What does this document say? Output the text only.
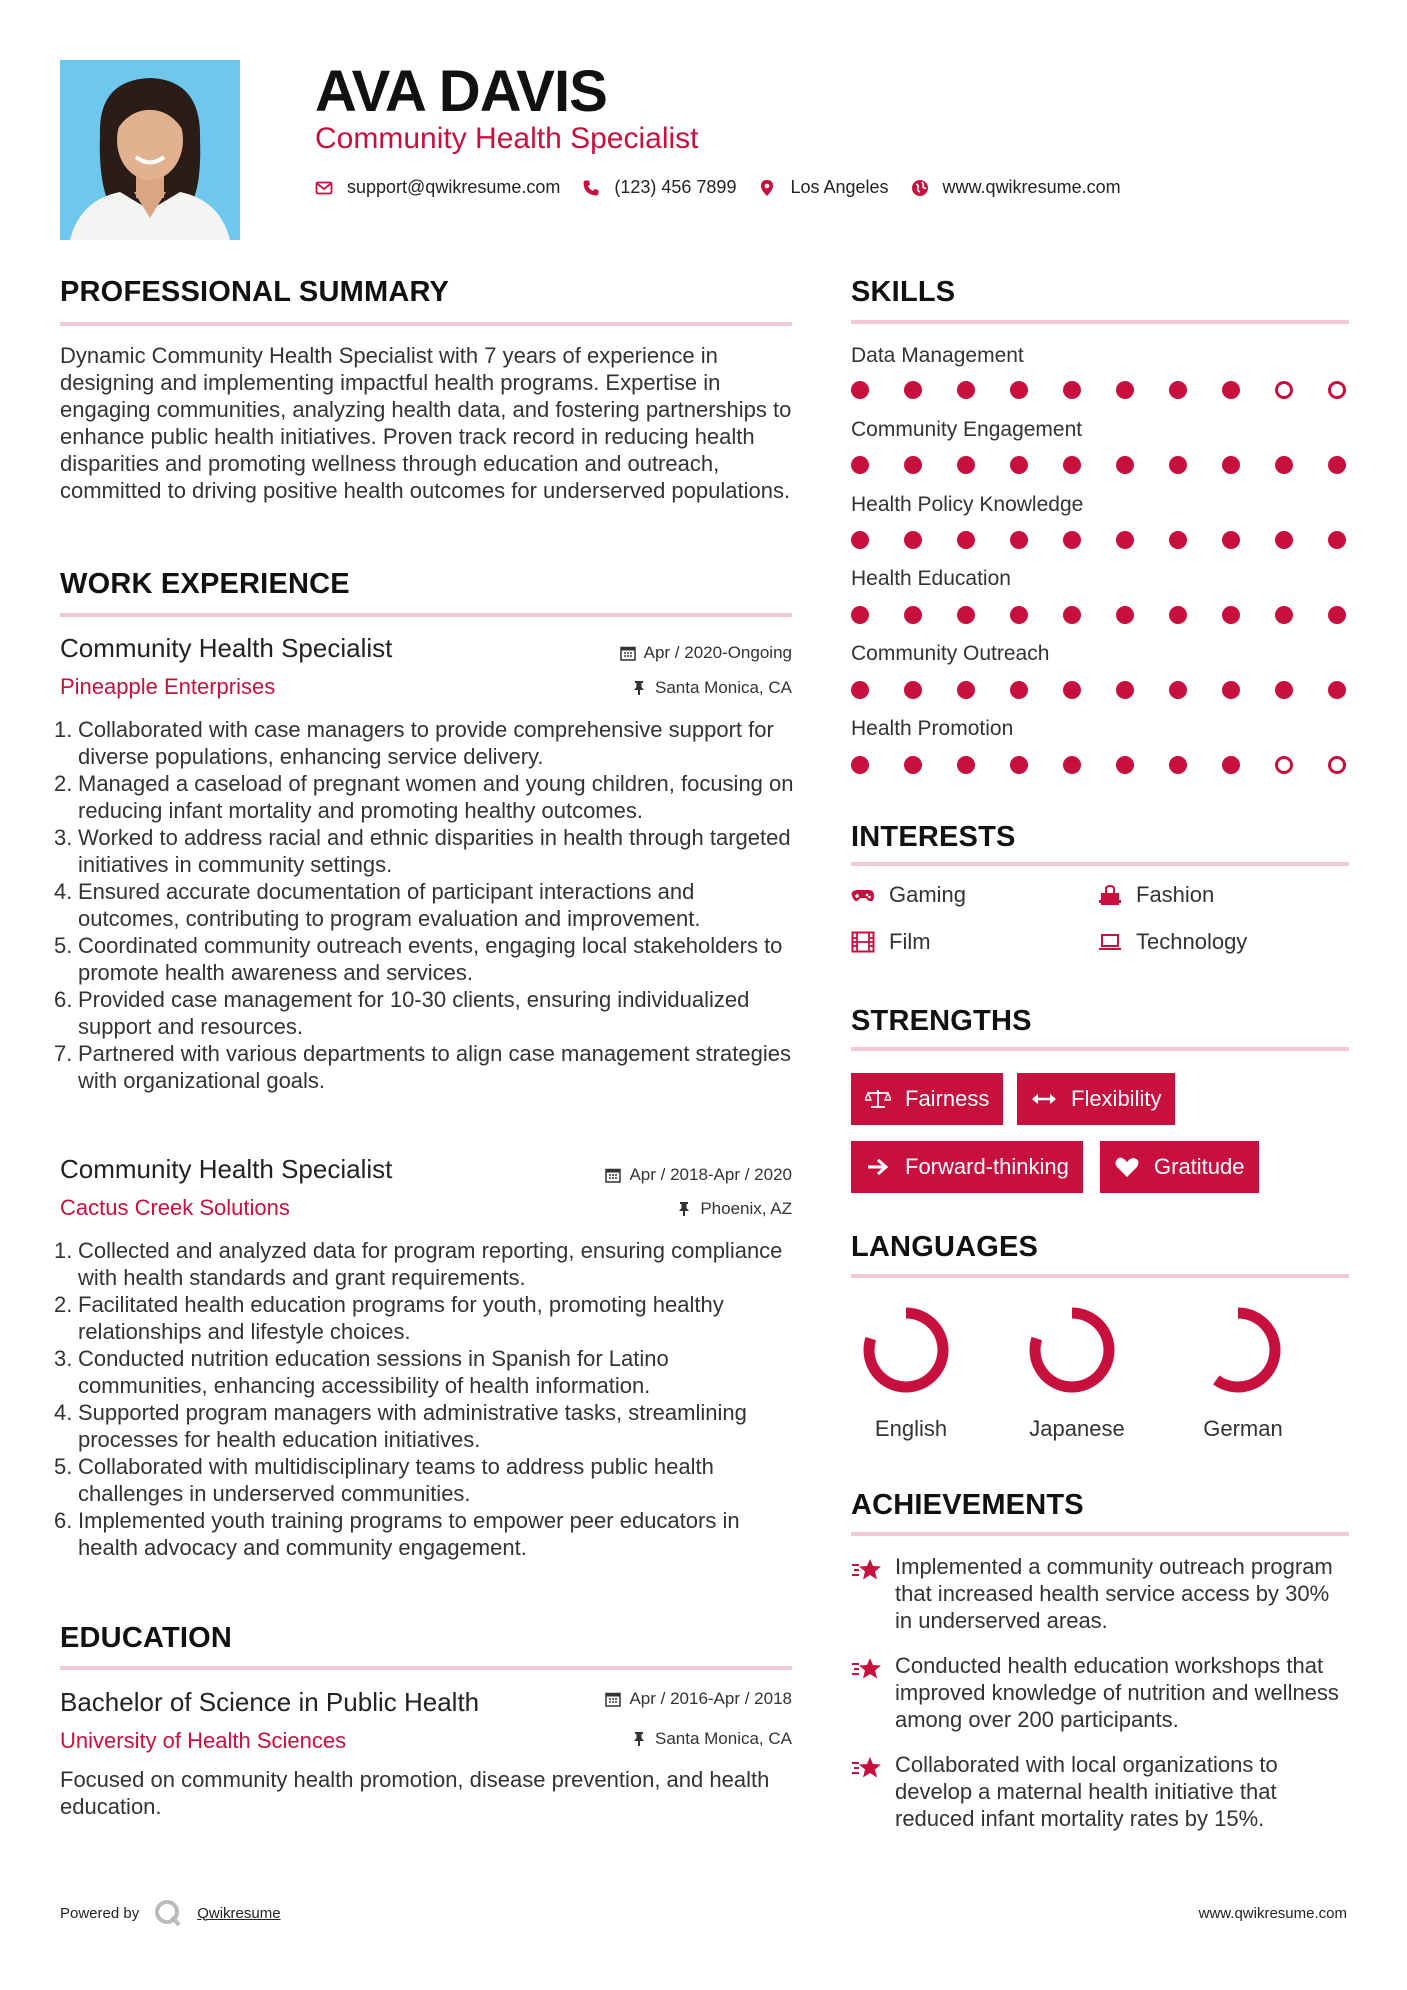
AVA DAVIS
Community Health Specialist
support@qwikresume.com	(123) 456 7899	Los Angeles	www.qwikresume.com
PROFESSIONAL SUMMARY
Dynamic Community Health Specialist with 7 years of experience in designing and implementing impactful health programs. Expertise in engaging communities, analyzing health data, and fostering partnerships to enhance public health initiatives. Proven track record in reducing health disparities and promoting wellness through education and outreach, committed to driving positive health outcomes for underserved populations.
WORK EXPERIENCE
Community Health Specialist
Pineapple Enterprises
Apr / 2020-Ongoing
Santa Monica, CA
1. Collaborated with case managers to provide comprehensive support for diverse populations, enhancing service delivery.
2. Managed a caseload of pregnant women and young children, focusing on reducing infant mortality and promoting healthy outcomes.
3. Worked to address racial and ethnic disparities in health through targeted initiatives in community settings.
4. Ensured accurate documentation of participant interactions and outcomes, contributing to program evaluation and improvement.
5. Coordinated community outreach events, engaging local stakeholders to promote health awareness and services.
6. Provided case management for 10-30 clients, ensuring individualized support and resources.
7. Partnered with various departments to align case management strategies with organizational goals.
Community Health Specialist
Cactus Creek Solutions
Apr / 2018-Apr / 2020
Phoenix, AZ
1. Collected and analyzed data for program reporting, ensuring compliance with health standards and grant requirements.
2. Facilitated health education programs for youth, promoting healthy relationships and lifestyle choices.
3. Conducted nutrition education sessions in Spanish for Latino communities, enhancing accessibility of health information.
4. Supported program managers with administrative tasks, streamlining processes for health education initiatives.
5. Collaborated with multidisciplinary teams to address public health challenges in underserved communities.
6. Implemented youth training programs to empower peer educators in health advocacy and community engagement.
EDUCATION
Bachelor of Science in Public Health
University of Health Sciences
Apr / 2016-Apr / 2018
Santa Monica, CA
Focused on community health promotion, disease prevention, and health education.
SKILLS
Data Management
Community Engagement
Health Policy Knowledge
Health Education
Community Outreach
Health Promotion
INTERESTS
Gaming	Fashion
Film	Technology
STRENGTHS
Fairness	Flexibility
Forward-thinking	Gratitude
LANGUAGES
English	Japanese	German
ACHIEVEMENTS
Implemented a community outreach program that increased health service access by 30% in underserved areas.
Conducted health education workshops that improved knowledge of nutrition and wellness among over 200 participants.
Collaborated with local organizations to develop a maternal health initiative that reduced infant mortality rates by 15%.
Powered by	Qwikresume	www.qwikresume.com
